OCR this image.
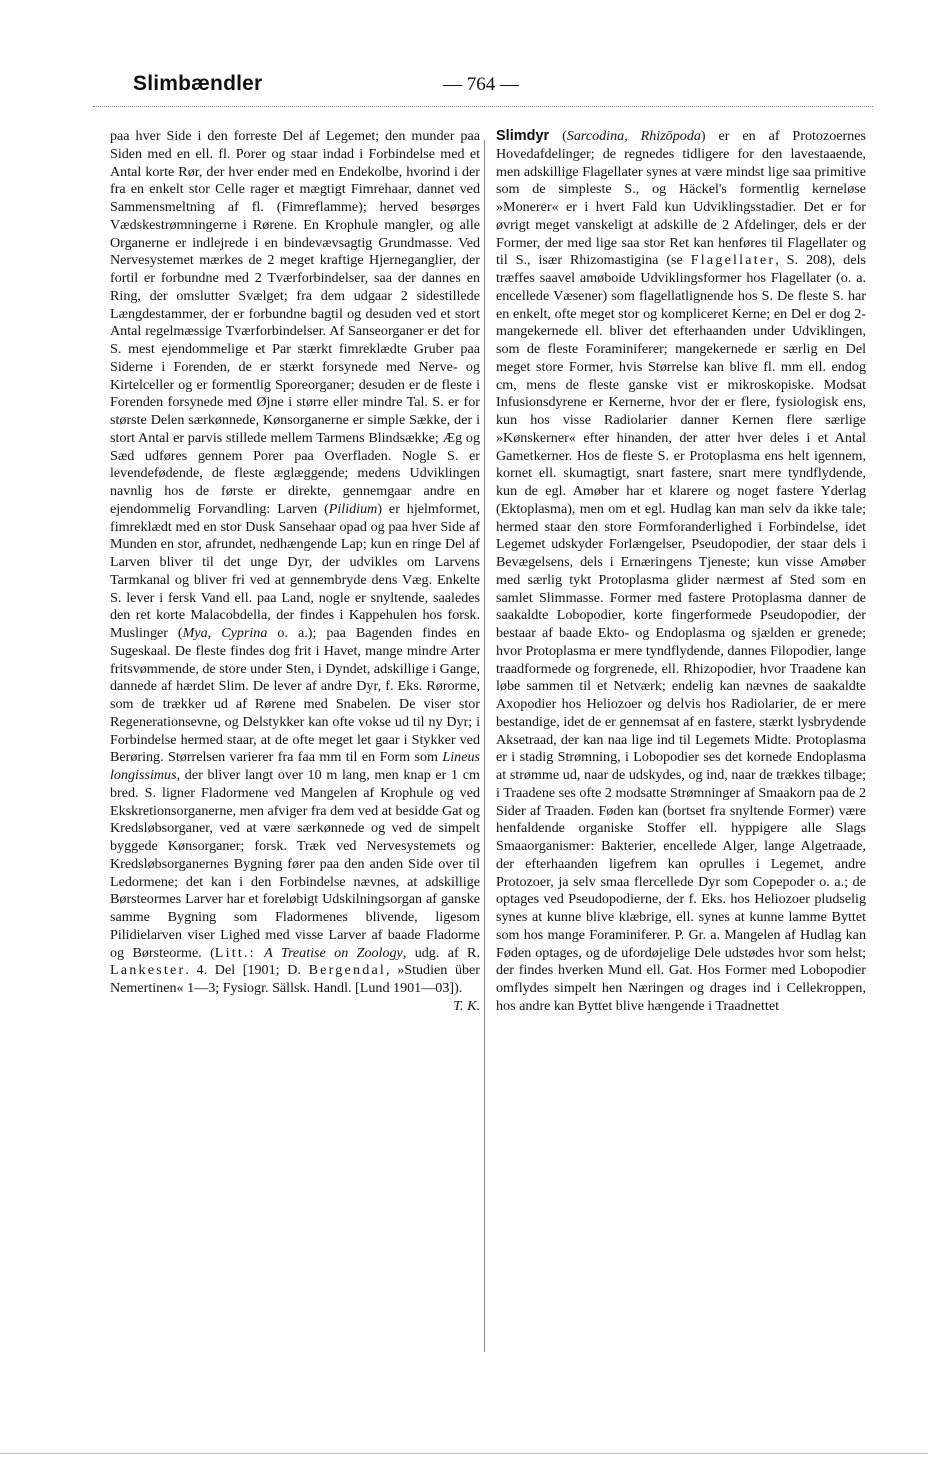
Slimbændler	— 764 —

paa hver Side i den forreste Del af Legemet; den munder paa Siden med en ell. fl. Porer og staar indad i Forbindelse med et Antal korte Rør, der hver ender med en Endekolbe, hvorind i der fra en enkelt stor Celle rager et mægtigt Fimrehaar, dannet ved Sammensmeltning af fl. (Fimreflamme); herved besørges Vædskestrømningerne i Rørene. En Krophule mangler, og alle Organerne er indlejrede i en bindevævsagtig Grundmasse. Ved Nervesystemet mærkes de 2 meget kraftige Hjerneganglier, der fortil er forbundne med 2 Tværforbindelser, saa der dannes en Ring, der omslutter Svælget; fra dem udgaar 2 sidestillede Længdestammer, der er forbundne bagtil og desuden ved et stort Antal regelmæssige Tværforbindelser. Af Sanseorganer er det for S. mest ejendommelige et Par stærkt fimreklædte Gruber paa Siderne i Forenden, de er stærkt forsynede med Nerve- og Kirtelceller og er formentlig Sporeorganer; desuden er de fleste i Forenden forsynede med Øjne i større eller mindre Tal. S. er for største Delen særkønnede, Kønsorganerne er simple Sække, der i stort Antal er parvis stillede mellem Tarmens Blindsække; Æg og Sæd udføres gennem Porer paa Overfladen. Nogle S. er levendefødende, de fleste æglæggende; medens Udviklingen navnlig hos de første er direkte, gennemgaar andre en ejendommelig Forvandling: Larven (Pilidium) er hjelmformet, fimreklædt med en stor Dusk Sansehaar opad og paa hver Side af Munden en stor, afrundet, nedhængende Lap; kun en ringe Del af Larven bliver til det unge Dyr, der udvikles om Larvens Tarmkanal og bliver fri ved at gennembryde dens Væg. Enkelte S. lever i fersk Vand ell. paa Land, nogle er snyltende, saaledes den ret korte Malacobdella, der findes i Kappehulen hos forsk. Muslinger (Mya, Cyprina o. a.); paa Bagenden findes en Sugeskaal. De fleste findes dog frit i Havet, mange mindre Arter fritsvømmende, de store under Sten, i Dyndet, adskillige i Gange, dannede af hærdet Slim. De lever af andre Dyr, f. Eks. Rørorme, som de trækker ud af Rørene med Snabelen. De viser stor Regenerationsevne, og Delstykker kan ofte vokse ud til ny Dyr; i Forbindelse hermed staar, at de ofte meget let gaar i Stykker ved Berøring. Størrelsen varierer fra faa mm til en Form som Lineus longissimus, der bliver langt over 10 m lang, men knap er 1 cm bred. S. ligner Fladormene ved Mangelen af Krophule og ved Ekskretionsorganerne, men afviger fra dem ved at besidde Gat og Kredsløbsorganer, ved at være særkønnede og ved de simpelt byggede Kønsorganer; forsk. Træk ved Nervesystemets og Kredsløbsorganernes Bygning fører paa den anden Side over til Ledormene; det kan i den Forbindelse nævnes, at adskillige Børsteormes Larver har et foreløbigt Udskilningsorgan af ganske samme Bygning som Fladormenes blivende, ligesom Pilidielarven viser Lighed med visse Larver af baade Fladorme og Børsteorme. (Litt.: A Treatise on Zoology, udg. af R. Lankester. 4. Del [1901; D. Bergendal, »Studien über Nemertinen« 1—3; Fysiogr. Sällsk. Handl. [Lund 1901—03]).
T. K.

Slimdyr (Sarcodina, Rhizōpoda) er en af Protozoernes Hovedafdelinger; de regnedes tidligere for den lavestaaende, men adskillige Flagellater synes at være mindst lige saa primitive som de simpleste S., og Häckel's formentlig kerneløse »Monerer« er i hvert Fald kun Udviklingsstadier. Det er for øvrigt meget vanskeligt at adskille de 2 Afdelinger, dels er der Former, der med lige saa stor Ret kan henføres til Flagellater og til S., især Rhizomastigina (se Flagellater, S. 208), dels træffes saavel amøboide Udviklingsformer hos Flagellater (o. a. encellede Væsener) som flagellatlignende hos S. De fleste S. har en enkelt, ofte meget stor og kompliceret Kerne; en Del er dog 2-mangekernede ell. bliver det efterhaanden under Udviklingen, som de fleste Foraminiferer; mangekernede er særlig en Del meget store Former, hvis Størrelse kan blive fl. mm ell. endog cm, mens de fleste ganske vist er mikroskopiske. Modsat Infusionsdyrene er Kernerne, hvor der er flere, fysiologisk ens, kun hos visse Radiolarier danner Kernen flere særlige »Kønskerner« efter hinanden, der atter hver deles i et Antal Gametkerner. Hos de fleste S. er Protoplasma ens helt igennem, kornet ell. skumagtigt, snart fastere, snart mere tyndflydende, kun de egl. Amøber har et klarere og noget fastere Yderlag (Ektoplasma), men om et egl. Hudlag kan man selv da ikke tale; hermed staar den store Formforanderlighed i Forbindelse, idet Legemet udskyder Forlængelser, Pseudopodier, der staar dels i Bevægelsens, dels i Ernæringens Tjeneste; kun visse Amøber med særlig tykt Protoplasma glider nærmest af Sted som en samlet Slimmasse. Former med fastere Protoplasma danner de saakaldte Lobopodier, korte fingerformede Pseudopodier, der bestaar af baade Ekto- og Endoplasma og sjælden er grenede; hvor Protoplasma er mere tyndflydende, dannes Filopodier, lange traadformede og forgrenede, ell. Rhizopodier, hvor Traadene kan løbe sammen til et Netværk; endelig kan nævnes de saakaldte Axopodier hos Heliozoer og delvis hos Radiolarier, de er mere bestandige, idet de er gennemsat af en fastere, stærkt lysbrydende Aksetraad, der kan naa lige ind til Legemets Midte. Protoplasma er i stadig Strømning, i Lobopodier ses det kornede Endoplasma at strømme ud, naar de udskydes, og ind, naar de trækkes tilbage; i Traadene ses ofte 2 modsatte Strømninger af Smaakorn paa de 2 Sider af Traaden. Føden kan (bortset fra snyltende Former) være henfaldende organiske Stoffer ell. hyppigere alle Slags Smaaorganismer: Bakterier, encellede Alger, lange Algetraade, der efterhaanden ligefrem kan oprulles i Legemet, andre Protozoer, ja selv smaa flercellede Dyr som Copepoder o. a.; de optages ved Pseudopodierne, der f. Eks. hos Heliozoer pludselig synes at kunne blive klæbrige, ell. synes at kunne lamme Byttet som hos mange Foraminiferer. P. Gr. a. Mangelen af Hudlag kan Føden optages, og de ufordøjelige Dele udstødes hvor som helst; der findes hverken Mund ell. Gat. Hos Former med Lobopodier omflydes simpelt hen Næringen og drages ind i Cellekroppen, hos andre kan Byttet blive hængende i Traadnettet
